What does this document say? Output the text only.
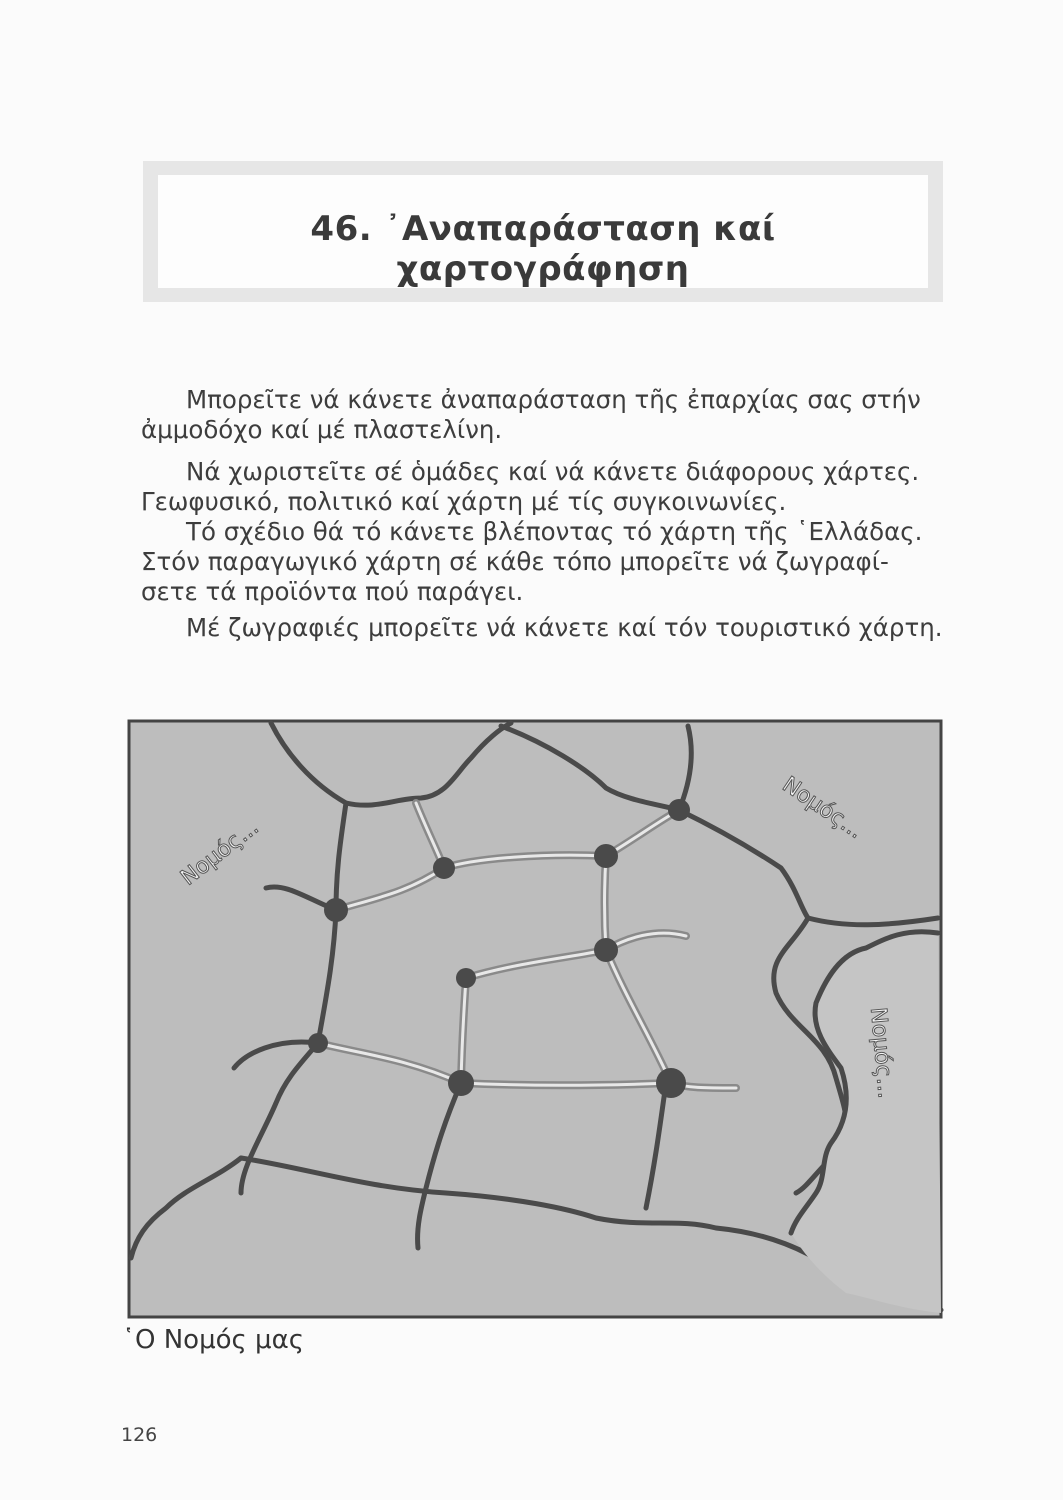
46. ᾿Αναπαράσταση καί χαρτογράφηση

Μπορεῖτε νά κάνετε ἀναπαράσταση τῆς ἐπαρχίας σας στήν

ἀμμοδόχο καί μέ πλαστελίνη.

Νά χωριστεῖτε σέ ὁμάδες καί νά κάνετε διάφορους χάρτες.

Γεωφυσικό, πολιτικό καί χάρτη μέ τίς συγκοινωνίες.

Τό σχέδιο θά τό κάνετε βλέποντας τό χάρτη τῆς ῾Ελλάδας.

Στόν παραγωγικό χάρτη σέ κάθε τόπο μπορεῖτε νά ζωγραφί-

σετε τά προϊόντα πού παράγει.

Μέ ζωγραφιές μπορεῖτε νά κάνετε καί τόν τουριστικό χάρτη.

Νομός...
Νομός...
Νομός...
῾Ο Νομός μας
126
